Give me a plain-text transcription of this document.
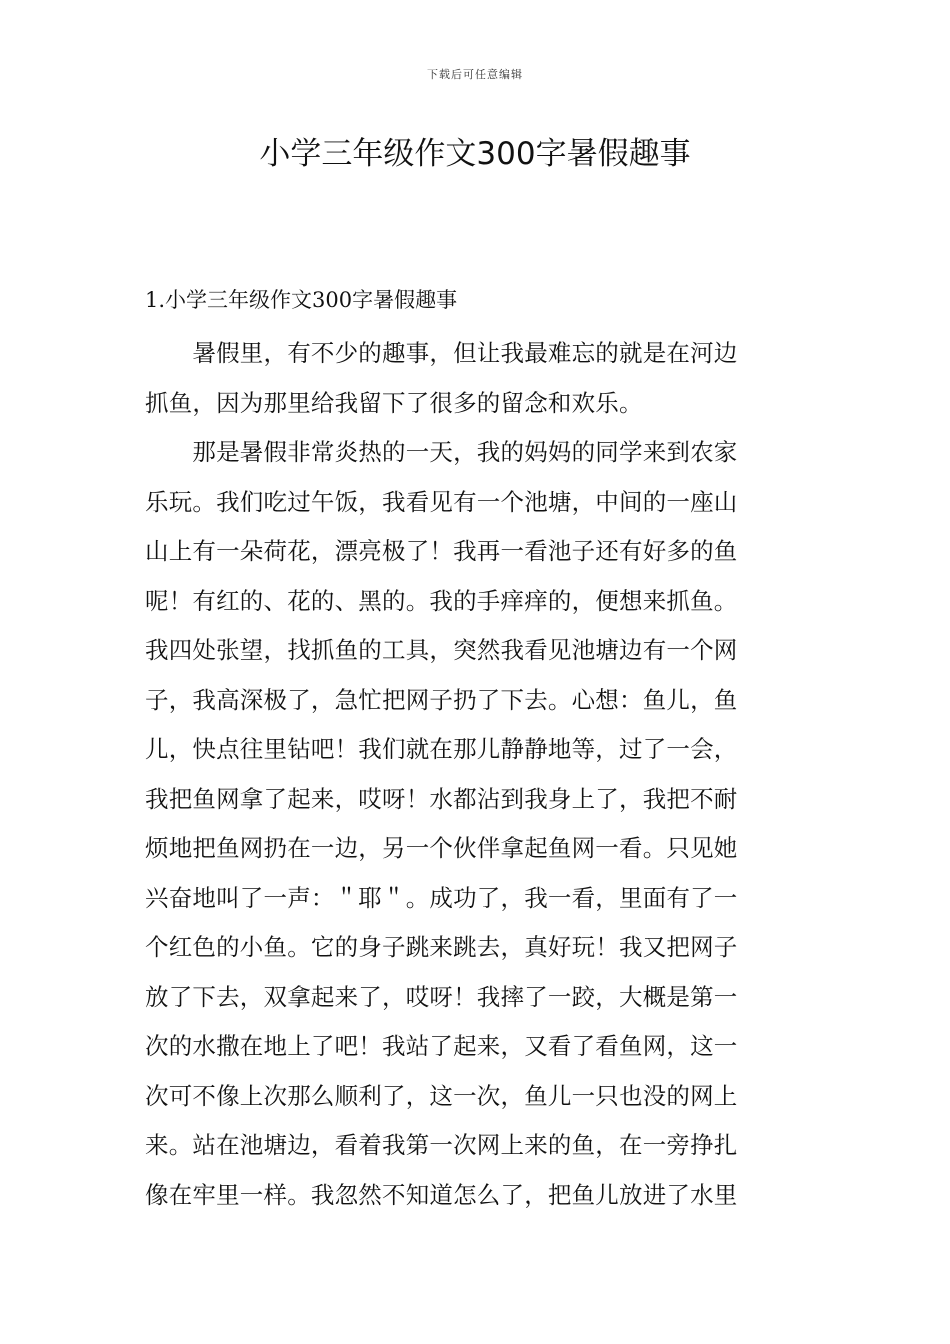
下载后可任意编辑
小学三年级作文300字暑假趣事
1.小学三年级作文300字暑假趣事

　　暑假里，有不少的趣事，但让我最难忘的就是在河边
抓鱼，因为那里给我留下了很多的留念和欢乐。

　　那是暑假非常炎热的一天，我的妈妈的同学来到农家
乐玩。我们吃过午饭，我看见有一个池塘，中间的一座山
山上有一朵荷花，漂亮极了！我再一看池子还有好多的鱼
呢！有红的、花的、黑的。我的手痒痒的，便想来抓鱼。
我四处张望，找抓鱼的工具，突然我看见池塘边有一个网
子，我高深极了，急忙把网子扔了下去。心想：鱼儿，鱼
儿，快点往里钻吧！我们就在那儿静静地等，过了一会，
我把鱼网拿了起来，哎呀！水都沾到我身上了，我把不耐
烦地把鱼网扔在一边，另一个伙伴拿起鱼网一看。只见她
兴奋地叫了一声：＂耶＂。成功了，我一看，里面有了一
个红色的小鱼。它的身子跳来跳去，真好玩！我又把网子
放了下去，双拿起来了，哎呀！我摔了一跤，大概是第一
次的水撒在地上了吧！我站了起来，又看了看鱼网，这一
次可不像上次那么顺利了，这一次，鱼儿一只也没的网上
来。站在池塘边，看着我第一次网上来的鱼，在一旁挣扎
像在牢里一样。我忽然不知道怎么了，把鱼儿放进了水里
